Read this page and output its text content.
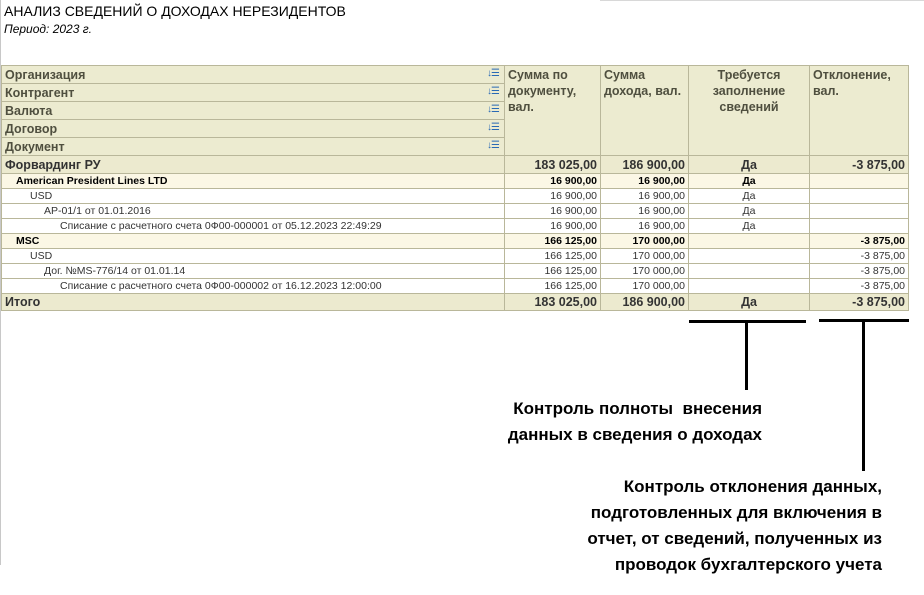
АНАЛИЗ СВЕДЕНИЙ О ДОХОДАХ НЕРЕЗИДЕНТОВ
Период: 2023 г.
Организация ↓☰	Сумма по документу, вал.	Сумма дохода, вал.	Требуется заполнение сведений	Отклонение, вал.
Контрагент ↓☰				

Валюта ↓☰				

Договор ↓☰				

Документ ↓☰				

Форвардинг РУ	183 025,00	186 900,00	Да	-3 875,00
American President Lines LTD	16 900,00	16 900,00	Да	
USD	16 900,00	16 900,00	Да	
AP-01/1 от 01.01.2016	16 900,00	16 900,00	Да	
Списание с расчетного счета 0Ф00-000001 от 05.12.2023 22:49:29	16 900,00	16 900,00	Да	
MSC	166 125,00	170 000,00		-3 875,00
USD	166 125,00	170 000,00		-3 875,00
Дог. №MS-776/14 от 01.01.14	166 125,00	170 000,00		-3 875,00
Списание с расчетного счета 0Ф00-000002 от 16.12.2023 12:00:00	166 125,00	170 000,00		-3 875,00
Итого	183 025,00	186 900,00	Да	-3 875,00
Контроль полноты  внесения
данных в сведения о доходах
Контроль отклонения данных,
подготовленных для включения в
отчет, от сведений, полученных из
проводок бухгалтерского учета
